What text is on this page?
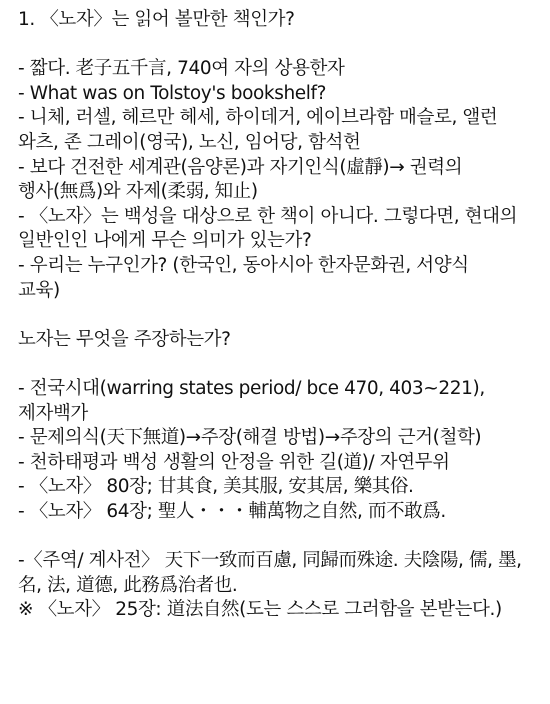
1. 〈노자〉는 읽어 볼만한 책인가?
- 짧다. 老子五千言, 740여 자의 상용한자
- What was on Tolstoy's bookshelf?
- 니체, 러셀, 헤르만 헤세, 하이데거, 에이브라함 매슬로, 앨런
와츠, 존 그레이(영국), 노신, 임어당, 함석헌
- 보다 건전한 세계관(음양론)과 자기인식(虛靜)→ 권력의
행사(無爲)와 자제(柔弱, 知止)
- 〈노자〉는 백성을 대상으로 한 책이 아니다. 그렇다면, 현대의
일반인인 나에게 무슨 의미가 있는가?
- 우리는 누구인가? (한국인, 동아시아 한자문화권, 서양식
교육)
노자는 무엇을 주장하는가?
- 전국시대(warring states period/ bce 470, 403~221),
제자백가
- 문제의식(天下無道)→주장(해결 방법)→주장의 근거(철학)
- 천하태평과 백성 생활의 안정을 위한 길(道)/ 자연무위
- 〈노자〉 80장; 甘其食, 美其服, 安其居, 樂其俗.
- 〈노자〉 64장; 聖人・・・輔萬物之自然, 而不敢爲.
-〈주역/ 계사전〉 天下一致而百慮, 同歸而殊途. 夫陰陽, 儒, 墨,
名, 法, 道德, 此務爲治者也.
※ 〈노자〉 25장: 道法自然(도는 스스로 그러함을 본받는다.)
